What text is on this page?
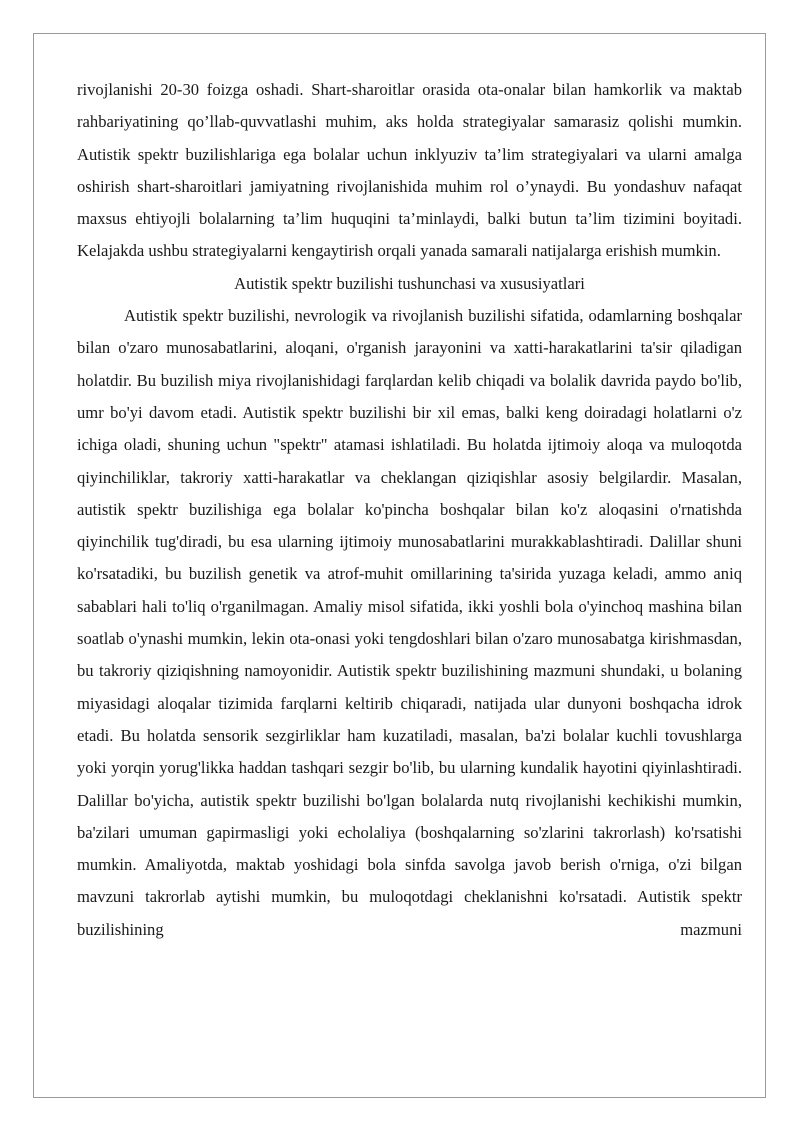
rivojlanishi 20-30 foizga oshadi. Shart-sharoitlar orasida ota-onalar bilan hamkorlik va maktab rahbariyatining qo’llab-quvvatlashi muhim, aks holda strategiyalar samarasiz qolishi mumkin. Autistik spektr buzilishlariga ega bolalar uchun inklyuziv ta’lim strategiyalari va ularni amalga oshirish shart-sharoitlari jamiyatning rivojlanishida muhim rol o’ynaydi. Bu yondashuv nafaqat maxsus ehtiyojli bolalarning ta’lim huquqini ta’minlaydi, balki butun ta’lim tizimini boyitadi. Kelajakda ushbu strategiyalarni kengaytirish orqali yanada samarali natijalarga erishish mumkin.

Autistik spektr buzilishi tushunchasi va xususiyatlari

Autistik spektr buzilishi, nevrologik va rivojlanish buzilishi sifatida, odamlarning boshqalar bilan o'zaro munosabatlarini, aloqani, o'rganish jarayonini va xatti-harakatlarini ta'sir qiladigan holatdir. Bu buzilish miya rivojlanishidagi farqlardan kelib chiqadi va bolalik davrida paydo bo'lib, umr bo'yi davom etadi. Autistik spektr buzilishi bir xil emas, balki keng doiradagi holatlarni o'z ichiga oladi, shuning uchun "spektr" atamasi ishlatiladi. Bu holatda ijtimoiy aloqa va muloqotda qiyinchiliklar, takroriy xatti-harakatlar va cheklangan qiziqishlar asosiy belgilardir. Masalan, autistik spektr buzilishiga ega bolalar ko'pincha boshqalar bilan ko'z aloqasini o'rnatishda qiyinchilik tug'diradi, bu esa ularning ijtimoiy munosabatlarini murakkablashtiradi. Dalillar shuni ko'rsatadiki, bu buzilish genetik va atrof-muhit omillarining ta'sirida yuzaga keladi, ammo aniq sabablari hali to'liq o'rganilmagan. Amaliy misol sifatida, ikki yoshli bola o'yinchoq mashina bilan soatlab o'ynashi mumkin, lekin ota-onasi yoki tengdoshlari bilan o'zaro munosabatga kirishmasdan, bu takroriy qiziqishning namoyonidir. Autistik spektr buzilishining mazmuni shundaki, u bolaning miyasidagi aloqalar tizimida farqlarni keltirib chiqaradi, natijada ular dunyoni boshqacha idrok etadi. Bu holatda sensorik sezgirliklar ham kuzatiladi, masalan, ba'zi bolalar kuchli tovushlarga yoki yorqin yorug'likka haddan tashqari sezgir bo'lib, bu ularning kundalik hayotini qiyinlashtiradi. Dalillar bo'yicha, autistik spektr buzilishi bo'lgan bolalarda nutq rivojlanishi kechikishi mumkin, ba'zilari umuman gapirmasligi yoki echolaliya (boshqalarning so'zlarini takrorlash) ko'rsatishi mumkin. Amaliyotda, maktab yoshidagi bola sinfda savolga javob berish o'rniga, o'zi bilgan mavzuni takrorlab aytishi mumkin, bu muloqotdagi cheklanishni ko'rsatadi. Autistik spektr buzilishining mazmuni
